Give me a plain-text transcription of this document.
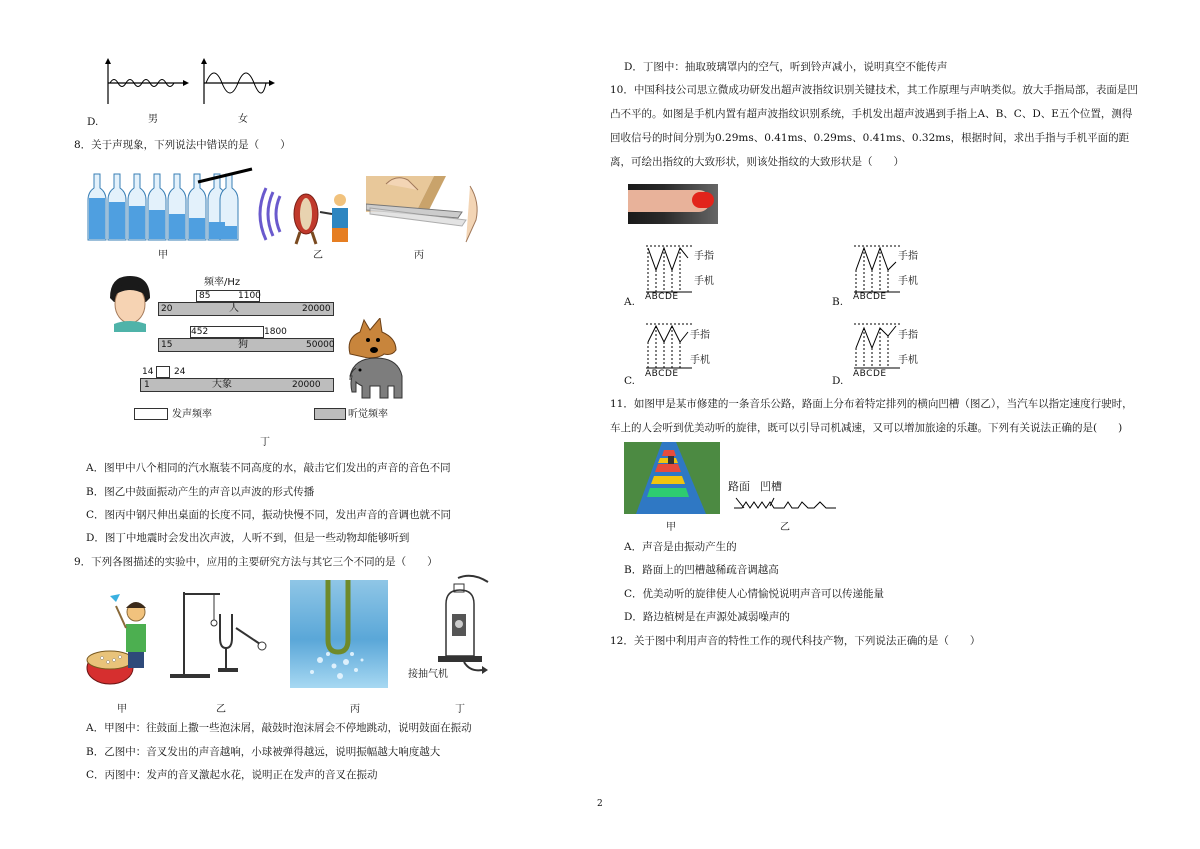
D.	男	女
8．关于声现象，下列说法中错误的是（　　）
甲	乙	丙
频率/Hz
85	1100
20	人	20000
452	1800
15	狗	50000
14 24
1	大象	20000
发声频率	听觉频率
丁
A．图甲中八个相同的汽水瓶装不同高度的水，敲击它们发出的声音的音色不同
B．图乙中鼓面振动产生的声音以声波的形式传播
C．图丙中钢尺伸出桌面的长度不同，振动快慢不同，发出声音的音调也就不同
D．图丁中地震时会发出次声波，人听不到，但是一些动物却能够听到
9．下列各图描述的实验中，应用的主要研究方法与其它三个不同的是（　　）
甲	乙	丙
接抽气机
丁
A．甲图中：往鼓面上撒一些泡沫屑，敲鼓时泡沫屑会不停地跳动，说明鼓面在振动
B．乙图中：音叉发出的声音越响，小球被弹得越远，说明振幅越大响度越大
C．丙图中：发声的音叉激起水花，说明正在发声的音叉在振动
D．丁图中：抽取玻璃罩内的空气，听到铃声减小，说明真空不能传声
10．中国科技公司思立微成功研发出超声波指纹识别关键技术，其工作原理与声呐类似。放大手指局部，表面是凹凸不平的。如图是手机内置有超声波指纹识别系统，手机发出超声波遇到手指上A、B、C、D、E五个位置，测得回收信号的时间分别为0.29ms、0.41ms、0.29ms、0.41ms、0.32ms，根据时间，求出手指与手机平面的距离，可绘出指纹的大致形状，则该处指纹的大致形状是（　　）
手指
手机
ABCDE
A.
手指
手机
ABCDE
B.
手指
手机
ABCDE
C.
手指
手机
ABCDE
D.
11．如图甲是某市修建的一条音乐公路，路面上分布着特定排列的横向凹槽（图乙），当汽车以指定速度行驶时，车上的人会听到优美动听的旋律，既可以引导司机减速，又可以增加旅途的乐趣。下列有关说法正确的是(　　)
甲
路面 凹槽
乙
A．声音是由振动产生的
B．路面上的凹槽越稀疏音调越高
C．优美动听的旋律使人心情愉悦说明声音可以传递能量
D．路边植树是在声源处减弱噪声的
12．关于图中利用声音的特性工作的现代科技产物，下列说法正确的是（　　）
2
